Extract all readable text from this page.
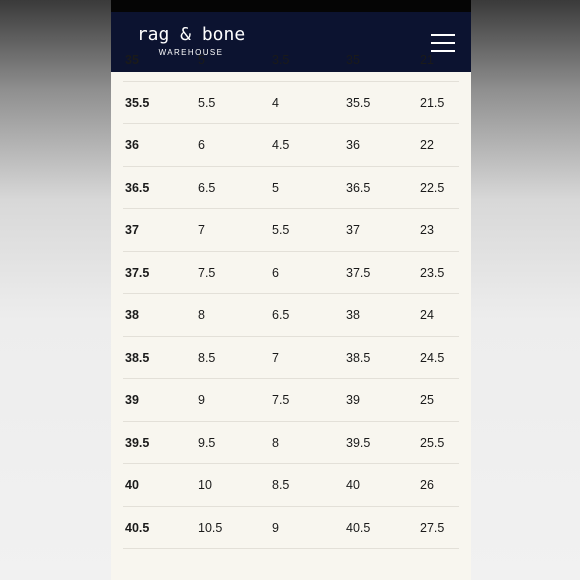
rag & bone
WAREHOUSE
35	5	3.5	35	21
35.5	5.5	4	35.5	21.5
36	6	4.5	36	22
36.5	6.5	5	36.5	22.5
37	7	5.5	37	23
37.5	7.5	6	37.5	23.5
38	8	6.5	38	24
38.5	8.5	7	38.5	24.5
39	9	7.5	39	25
39.5	9.5	8	39.5	25.5
40	10	8.5	40	26
40.5	10.5	9	40.5	27.5
